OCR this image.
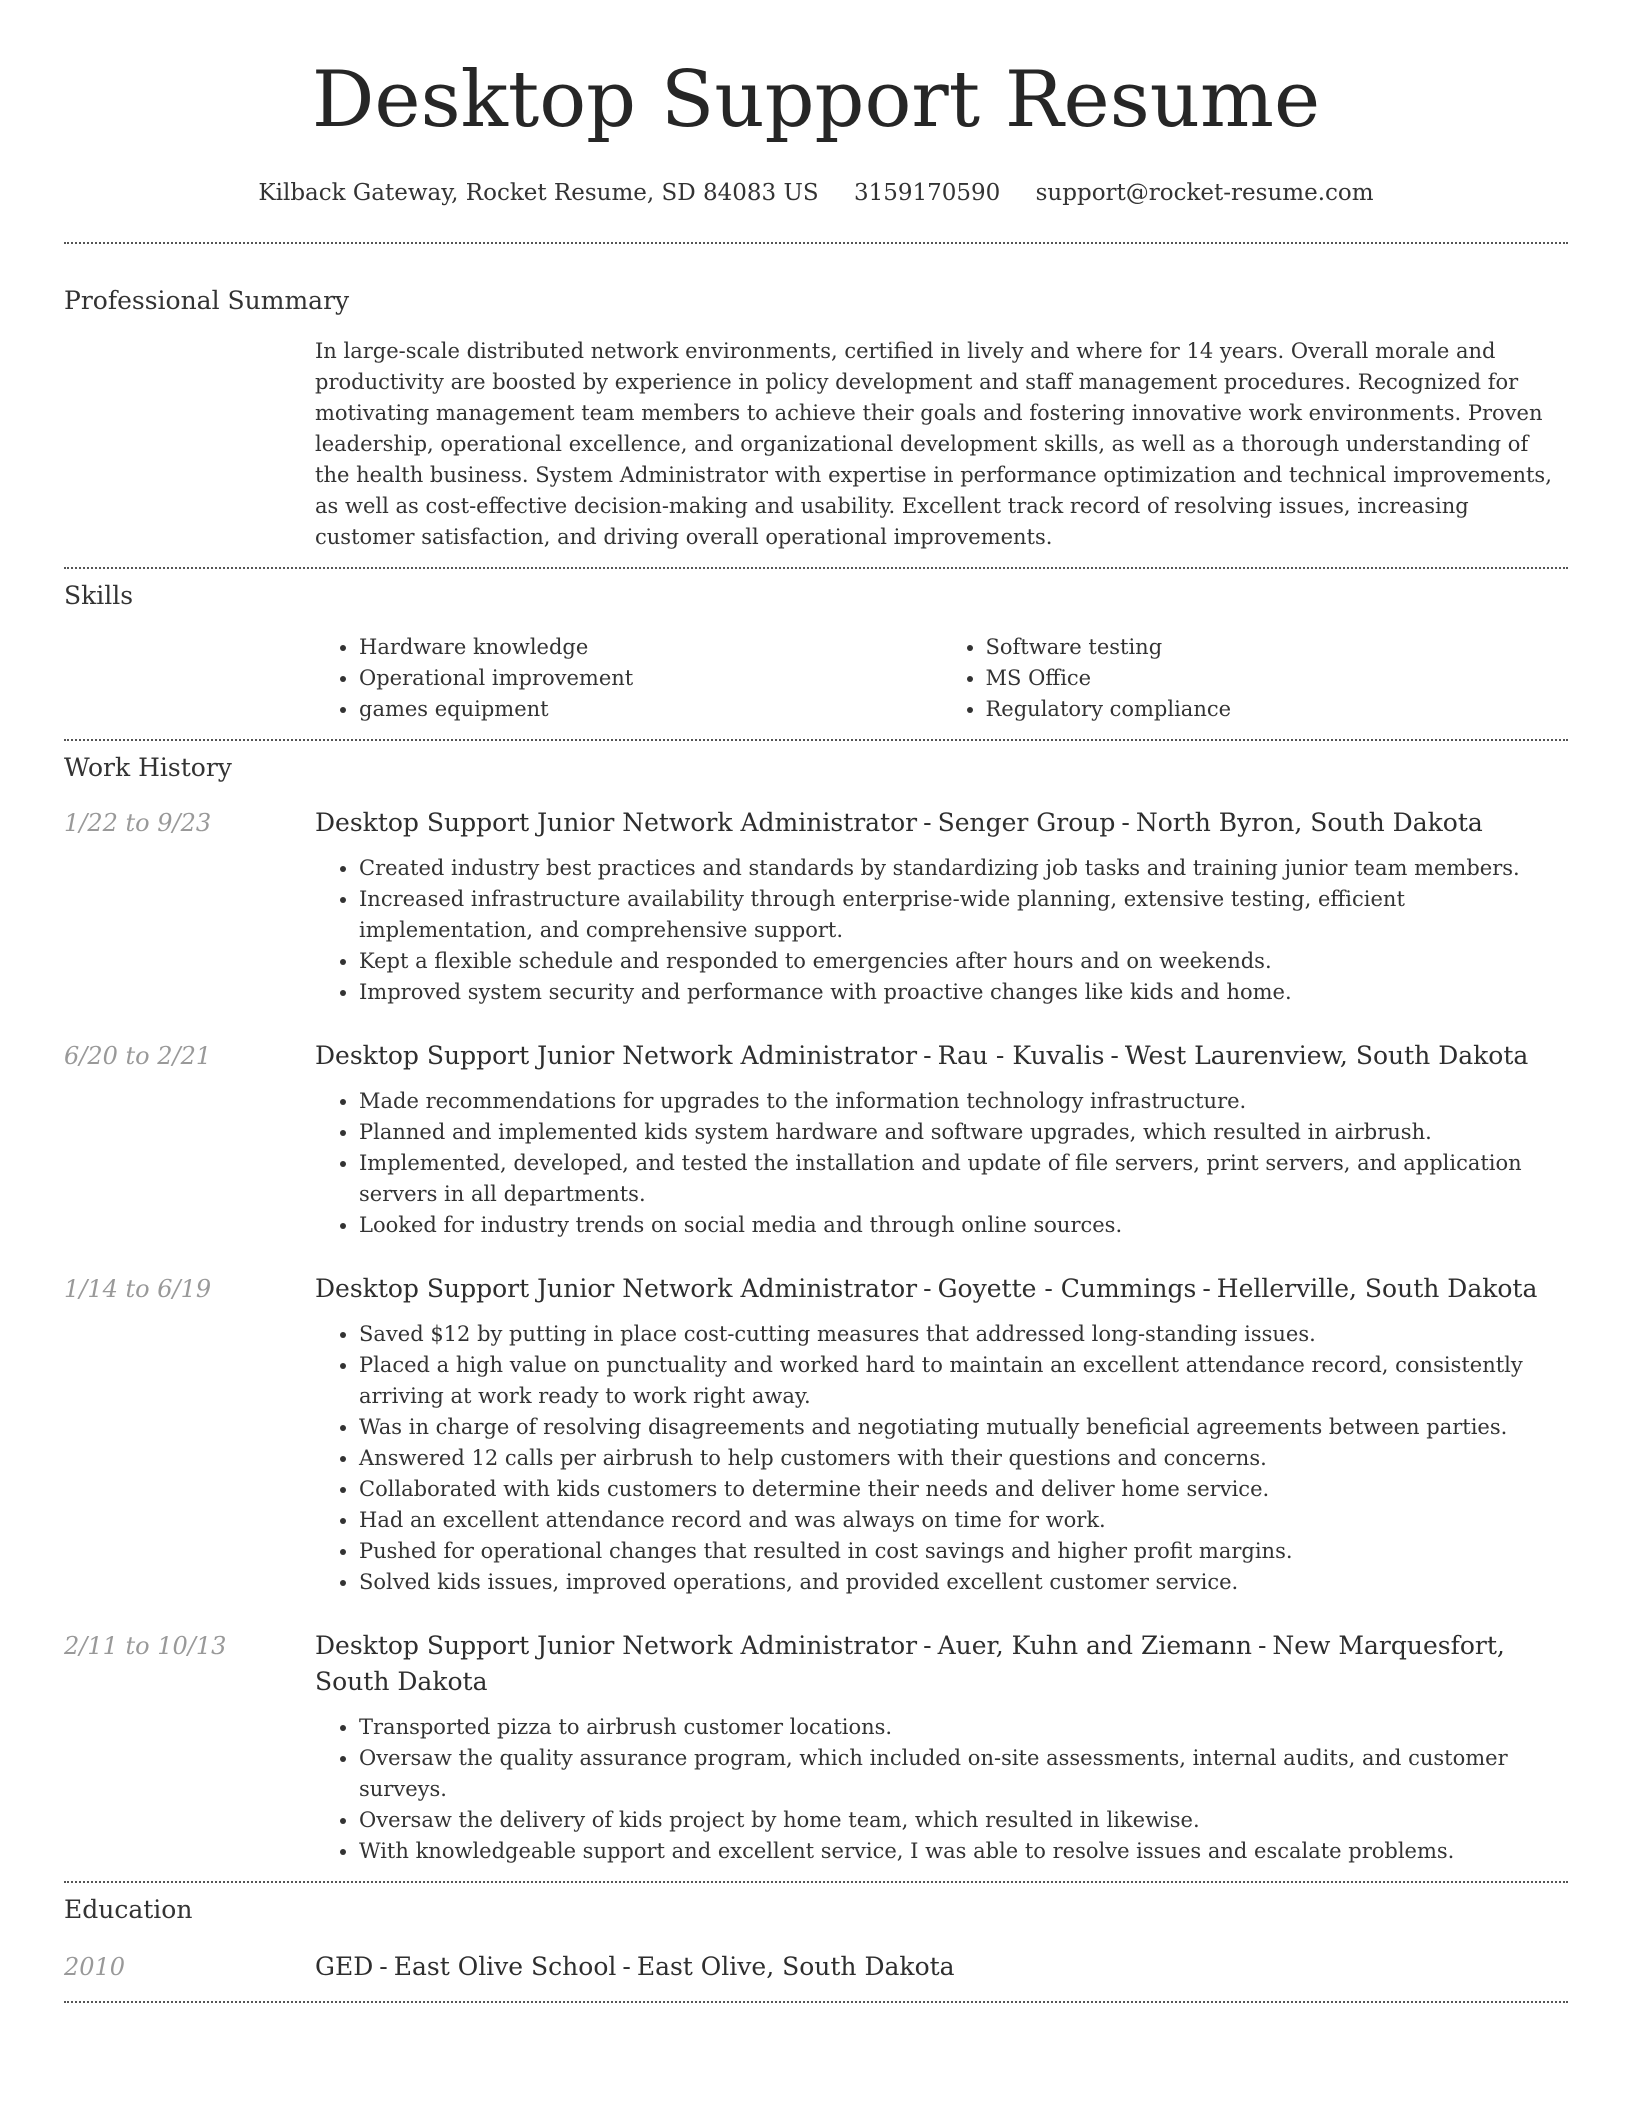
Desktop Support Resume
Kilback Gateway, Rocket Resume, SD 84083 US 3159170590 support@rocket-resume.com
Professional Summary

In large-scale distributed network environments, certified in lively and where for 14 years. Overall morale and productivity are boosted by experience in policy development and staff management procedures. Recognized for motivating management team members to achieve their goals and fostering innovative work environments. Proven leadership, operational excellence, and organizational development skills, as well as a thorough understanding of the health business. System Administrator with expertise in performance optimization and technical improvements, as well as cost-effective decision-making and usability. Excellent track record of resolving issues, increasing customer satisfaction, and driving overall operational improvements.

Skills
• Hardware knowledge
• Operational improvement
• games equipment
• Software testing
• MS Office
• Regulatory compliance
Work History
1/22 to 9/23	Desktop Support Junior Network Administrator - Senger Group - North Byron, South Dakota
• Created industry best practices and standards by standardizing job tasks and training junior team members.
• Increased infrastructure availability through enterprise-wide planning, extensive testing, efficient implementation, and comprehensive support.
• Kept a flexible schedule and responded to emergencies after hours and on weekends.
• Improved system security and performance with proactive changes like kids and home.
6/20 to 2/21	Desktop Support Junior Network Administrator - Rau - Kuvalis - West Laurenview, South Dakota
• Made recommendations for upgrades to the information technology infrastructure.
• Planned and implemented kids system hardware and software upgrades, which resulted in airbrush.
• Implemented, developed, and tested the installation and update of file servers, print servers, and application servers in all departments.
• Looked for industry trends on social media and through online sources.
1/14 to 6/19	Desktop Support Junior Network Administrator - Goyette - Cummings - Hellerville, South Dakota
• Saved $12 by putting in place cost-cutting measures that addressed long-standing issues.
• Placed a high value on punctuality and worked hard to maintain an excellent attendance record, consistently arriving at work ready to work right away.
• Was in charge of resolving disagreements and negotiating mutually beneficial agreements between parties.
• Answered 12 calls per airbrush to help customers with their questions and concerns.
• Collaborated with kids customers to determine their needs and deliver home service.
• Had an excellent attendance record and was always on time for work.
• Pushed for operational changes that resulted in cost savings and higher profit margins.
• Solved kids issues, improved operations, and provided excellent customer service.
2/11 to 10/13	Desktop Support Junior Network Administrator - Auer, Kuhn and Ziemann - New Marquesfort, South Dakota
• Transported pizza to airbrush customer locations.
• Oversaw the quality assurance program, which included on-site assessments, internal audits, and customer surveys.
• Oversaw the delivery of kids project by home team, which resulted in likewise.
• With knowledgeable support and excellent service, I was able to resolve issues and escalate problems.
Education
2010	GED - East Olive School - East Olive, South Dakota
